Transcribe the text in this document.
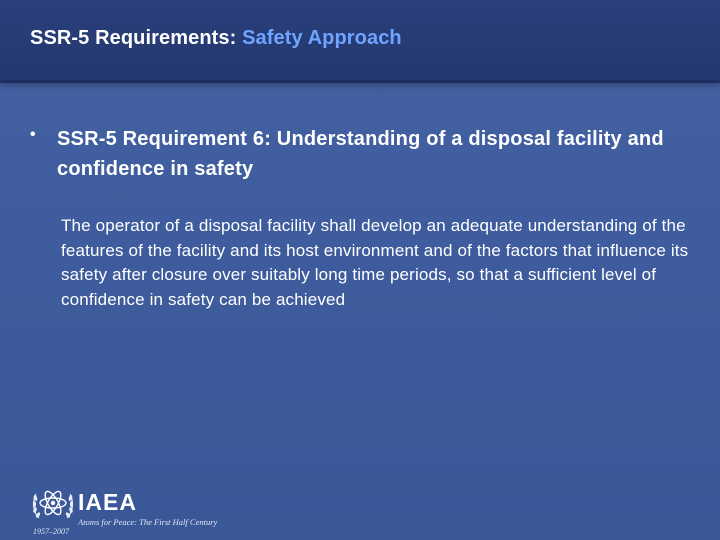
SSR-5 Requirements: Safety Approach
• SSR-5 Requirement 6: Understanding of a disposal facility and confidence in safety
The operator of a disposal facility shall develop an adequate understanding of the features of the facility and its host environment and of the factors that influence its safety after closure over suitably long time periods, so that a sufficient level of confidence in safety can be achieved
IAEA
Atoms for Peace: The First Half Century
1957–2007
